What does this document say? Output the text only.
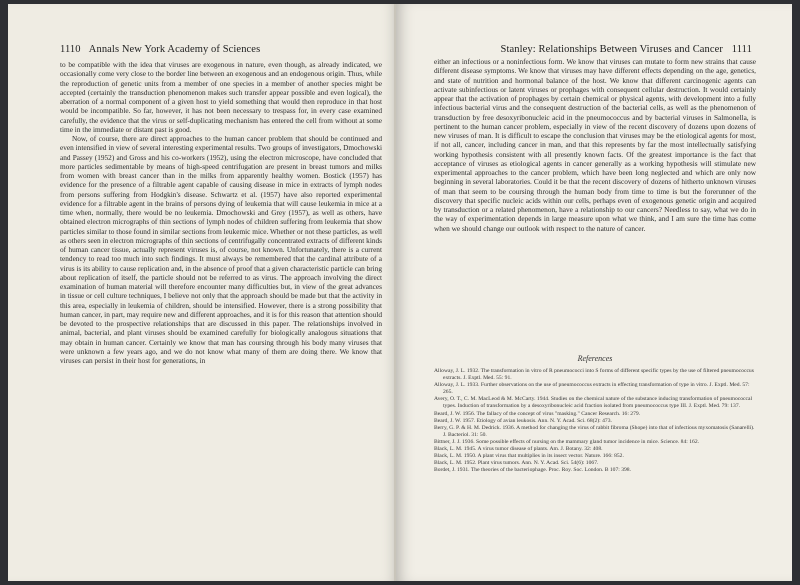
1110 Annals New York Academy of Sciences

to be compatible with the idea that viruses are exogenous in nature, even though, as already indicated, we occasionally come very close to the border line between an exogenous and an endogenous origin. Thus, while the reproduction of genetic units from a member of one species in a member of another species might be accepted (certainly the transduction phenomenon makes such transfer appear possible and even logical), the aberration of a normal component of a given host to yield something that would then reproduce in that host would be incompatible. So far, however, it has not been necessary to trespass for, in every case examined carefully, the evidence that the virus or self-duplicating mechanism has entered the cell from without at some time in the immediate or distant past is good.

Now, of course, there are direct approaches to the human cancer problem that should be continued and even intensified in view of several interesting experimental results. Two groups of investigators, Dmochowski and Passey (1952) and Gross and his co-workers (1952), using the electron microscope, have concluded that more particles sedimentable by means of high-speed centrifugation are present in breast tumors and milks from women with breast cancer than in the milks from apparently healthy women. Bostick (1957) has evidence for the presence of a filtrable agent capable of causing disease in mice in extracts of lymph nodes from persons suffering from Hodgkin's disease. Schwartz et al. (1957) have also reported experimental evidence for a filtrable agent in the brains of persons dying of leukemia that will cause leukemia in mice at a time when, normally, there would be no leukemia. Dmochowski and Grey (1957), as well as others, have obtained electron micrographs of thin sections of lymph nodes of children suffering from leukemia that show particles similar to those found in similar sections from leukemic mice. Whether or not these particles, as well as others seen in electron micrographs of thin sections of centrifugally concentrated extracts of different kinds of human cancer tissue, actually represent viruses is, of course, not known. Unfortunately, there is a current tendency to read too much into such findings. It must always be remembered that the cardinal attribute of a virus is its ability to cause replication and, in the absence of proof that a given characteristic particle can bring about replication of itself, the particle should not be referred to as virus. The approach involving the direct examination of human material will therefore encounter many difficulties but, in view of the great advances in tissue or cell culture techniques, I believe not only that the approach should be made but that the activity in this area, especially in leukemia of children, should be intensified. However, there is a strong possibility that human cancer, in part, may require new and different approaches, and it is for this reason that attention should be devoted to the prospective relationships that are discussed in this paper. The relationships involved in animal, bacterial, and plant viruses should be examined carefully for biologically analogous situations that may obtain in human cancer. Certainly we know that man has coursing through his body many viruses that were unknown a few years ago, and we do not know what many of them are doing there. We know that viruses can persist in their host for generations, in

Stanley: Relationships Between Viruses and Cancer 1111

either an infectious or a noninfectious form. We know that viruses can mutate to form new strains that cause different disease symptoms. We know that viruses may have different effects depending on the age, genetics, and state of nutrition and hormonal balance of the host. We know that different carcinogenic agents can activate subinfectious or latent viruses or prophages with consequent cellular destruction. It would certainly appear that the activation of prophages by certain chemical or physical agents, with development into a fully infectious bacterial virus and the consequent destruction of the bacterial cells, as well as the phenomenon of transduction by free desoxyribonucleic acid in the pneumococcus and by bacterial viruses in Salmonella, is pertinent to the human cancer problem, especially in view of the recent discovery of dozens upon dozens of new viruses of man. It is difficult to escape the conclusion that viruses may be the etiological agents for most, if not all, cancer, including cancer in man, and that this represents by far the most intellectually satisfying working hypothesis consistent with all presently known facts. Of the greatest importance is the fact that acceptance of viruses as etiological agents in cancer generally as a working hypothesis will stimulate new experimental approaches to the cancer problem, which have been long neglected and which are only now beginning in several laboratories. Could it be that the recent discovery of dozens of hitherto unknown viruses of man that seem to be coursing through the human body from time to time is but the forerunner of the discovery that specific nucleic acids within our cells, perhaps even of exogenous genetic origin and acquired by transduction or a related phenomenon, have a relationship to our cancers? Needless to say, what we do in the way of experimentation depends in large measure upon what we think, and I am sure the time has come when we should change our outlook with respect to the nature of cancer.

References

Alloway, J. L. 1932. The transformation in vitro of R pneumococci into S forms of different specific types by the use of filtered pneumococcus extracts. J. Exptl. Med. 55: 91.

Alloway, J. L. 1933. Further observations on the use of pneumococcus extracts in effecting transformation of type in vitro. J. Exptl. Med. 57: 265.

Avery, O. T., C. M. MacLeod & M. McCarty. 1944. Studies on the chemical nature of the substance inducing transformation of pneumococcal types. Induction of transformation by a desoxyribonucleic acid fraction isolated from pneumococcus type III. J. Exptl. Med. 79: 137.

Beard, J. W. 1956. The fallacy of the concept of virus "masking." Cancer Research. 16: 279.

Beard, J. W. 1957. Etiology of avian leukosis. Ann. N. Y. Acad. Sci. 68(2): 473.

Berry, G. P. & H. M. Dedrick. 1936. A method for changing the virus of rabbit fibroma (Shope) into that of infectious myxomatosis (Sanarelli). J. Bacteriol. 31: 50.

Bittner, J. J. 1936. Some possible effects of nursing on the mammary gland tumor incidence in mice. Science. 84: 162.

Black, L. M. 1945. A virus tumor disease of plants. Am. J. Botany. 32: 408.

Black, L. M. 1950. A plant virus that multiplies in its insect vector. Nature. 166: 852.

Black, L. M. 1952. Plant virus tumors. Ann. N. Y. Acad. Sci. 54(6): 1067.

Bordet, J. 1931. The theories of the bacteriophage. Proc. Roy. Soc. London. B 107: 398.
